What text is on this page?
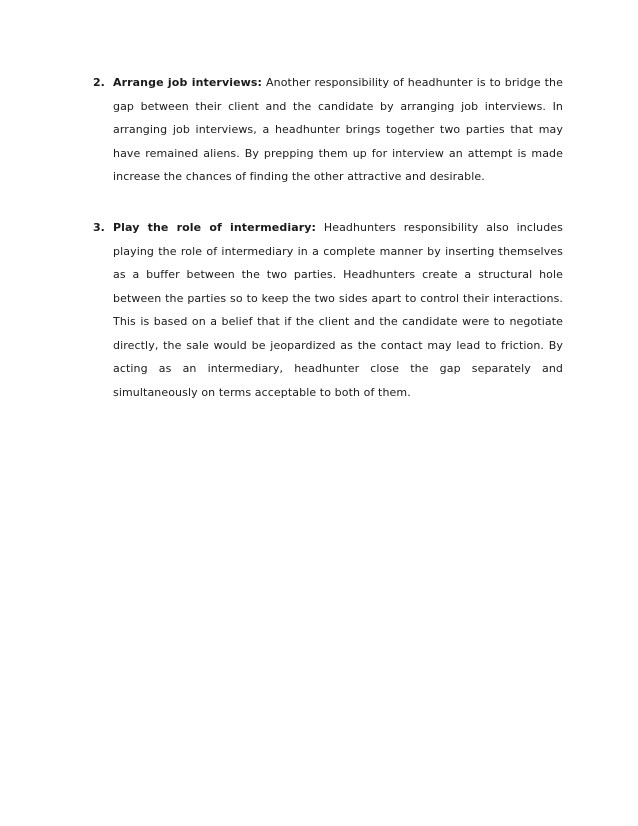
2. Arrange job interviews: Another responsibility of headhunter is to bridge the gap between their client and the candidate by arranging job interviews. In arranging job interviews, a headhunter brings together two parties that may have remained aliens. By prepping them up for interview an attempt is made increase the chances of finding the other attractive and desirable.

3. Play the role of intermediary: Headhunters responsibility also includes playing the role of intermediary in a complete manner by inserting themselves as a buffer between the two parties. Headhunters create a structural hole between the parties so to keep the two sides apart to control their interactions. This is based on a belief that if the client and the candidate were to negotiate directly, the sale would be jeopardized as the contact may lead to friction. By acting as an intermediary, headhunter close the gap separately and simultaneously on terms acceptable to both of them.
